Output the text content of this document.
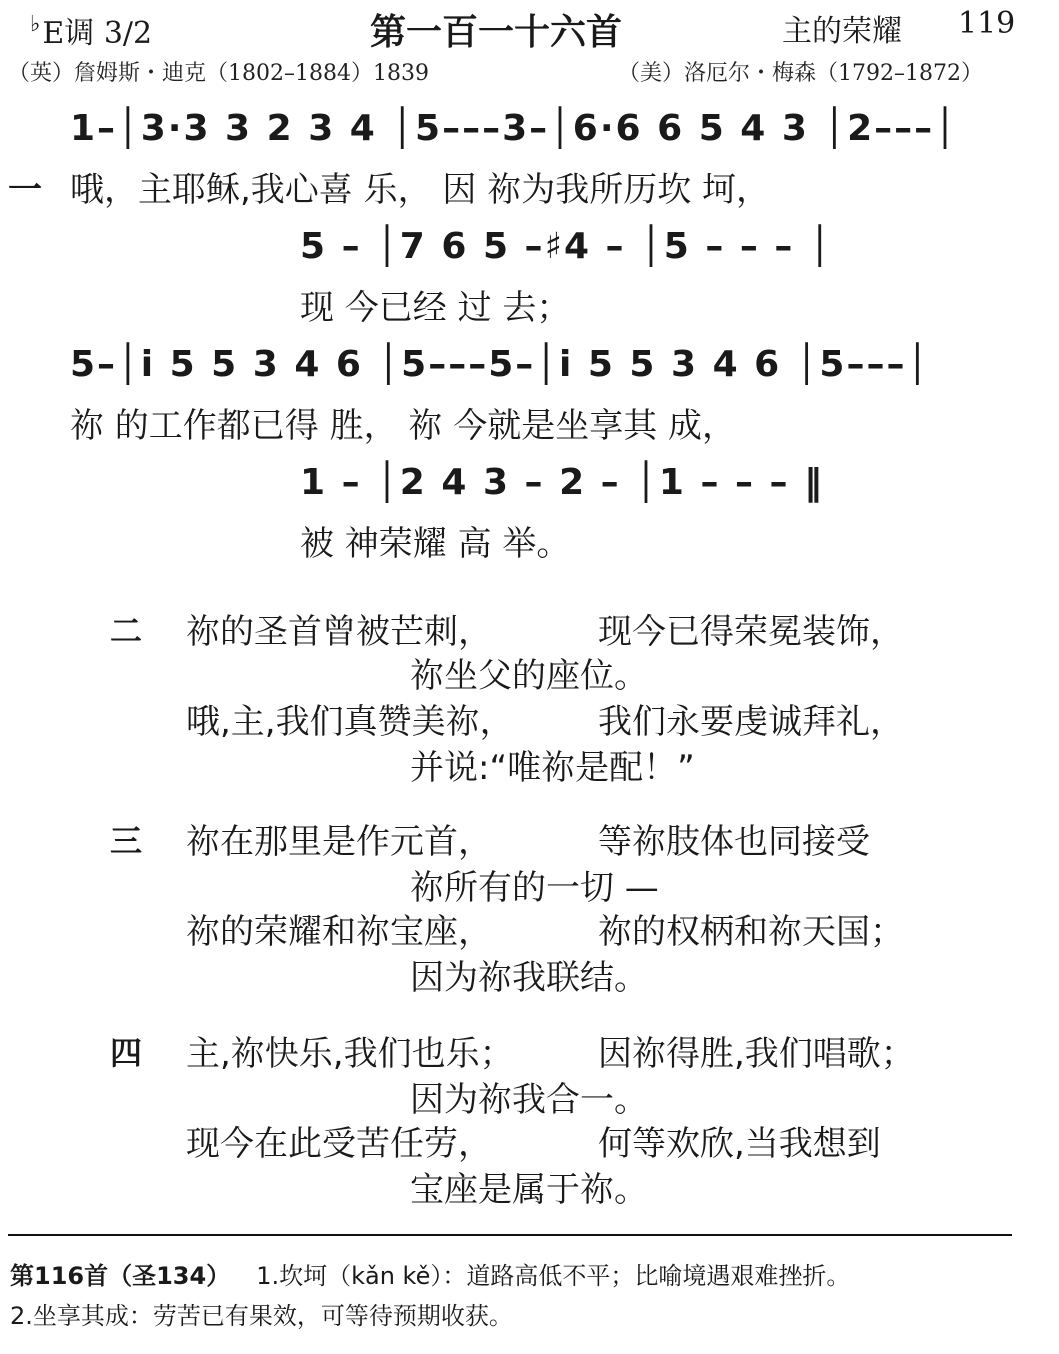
♭E调 3/2	第一百一十六首	主的荣耀 119
（英）詹姆斯・迪克（1802–1884）1839	（美）洛厄尔・梅森（1792–1872）
1–│3·3 3 2 3 4 │5–––3–│6·6 6 5 4 3 │2–––│
一 哦，主耶稣,我心喜 乐， 因 祢为我所历坎 坷，
5 – │7 6 5 –♯4 – │5 – – – │
现 今已经 过 去；
5–│i 5 5 3 4 6 │5–––5–│i 5 5 3 4 6 │5–––│
祢 的工作都已得 胜， 祢 今就是坐享其 成，
1 – │2 4 3 – 2 – │1 – – – ‖
被 神荣耀 高 举。
二 祢的圣首曾被芒刺，	现今已得荣冕装饰，
祢坐父的座位。
哦,主,我们真赞美祢， 我们永要虔诚拜礼，
并说:“唯祢是配！”
三 祢在那里是作元首，	等祢肢体也同接受
祢所有的一切 —
祢的荣耀和祢宝座，	祢的权柄和祢天国；
因为祢我联结。
四 主,祢快乐,我们也乐； 因祢得胜,我们唱歌；
因为祢我合一。
现今在此受苦任劳，	何等欢欣,当我想到
宝座是属于祢。
第116首（圣134） 1.坎坷（kǎn kě）：道路高低不平；比喻境遇艰难挫折。
2.坐享其成：劳苦已有果效，可等待预期收获。
